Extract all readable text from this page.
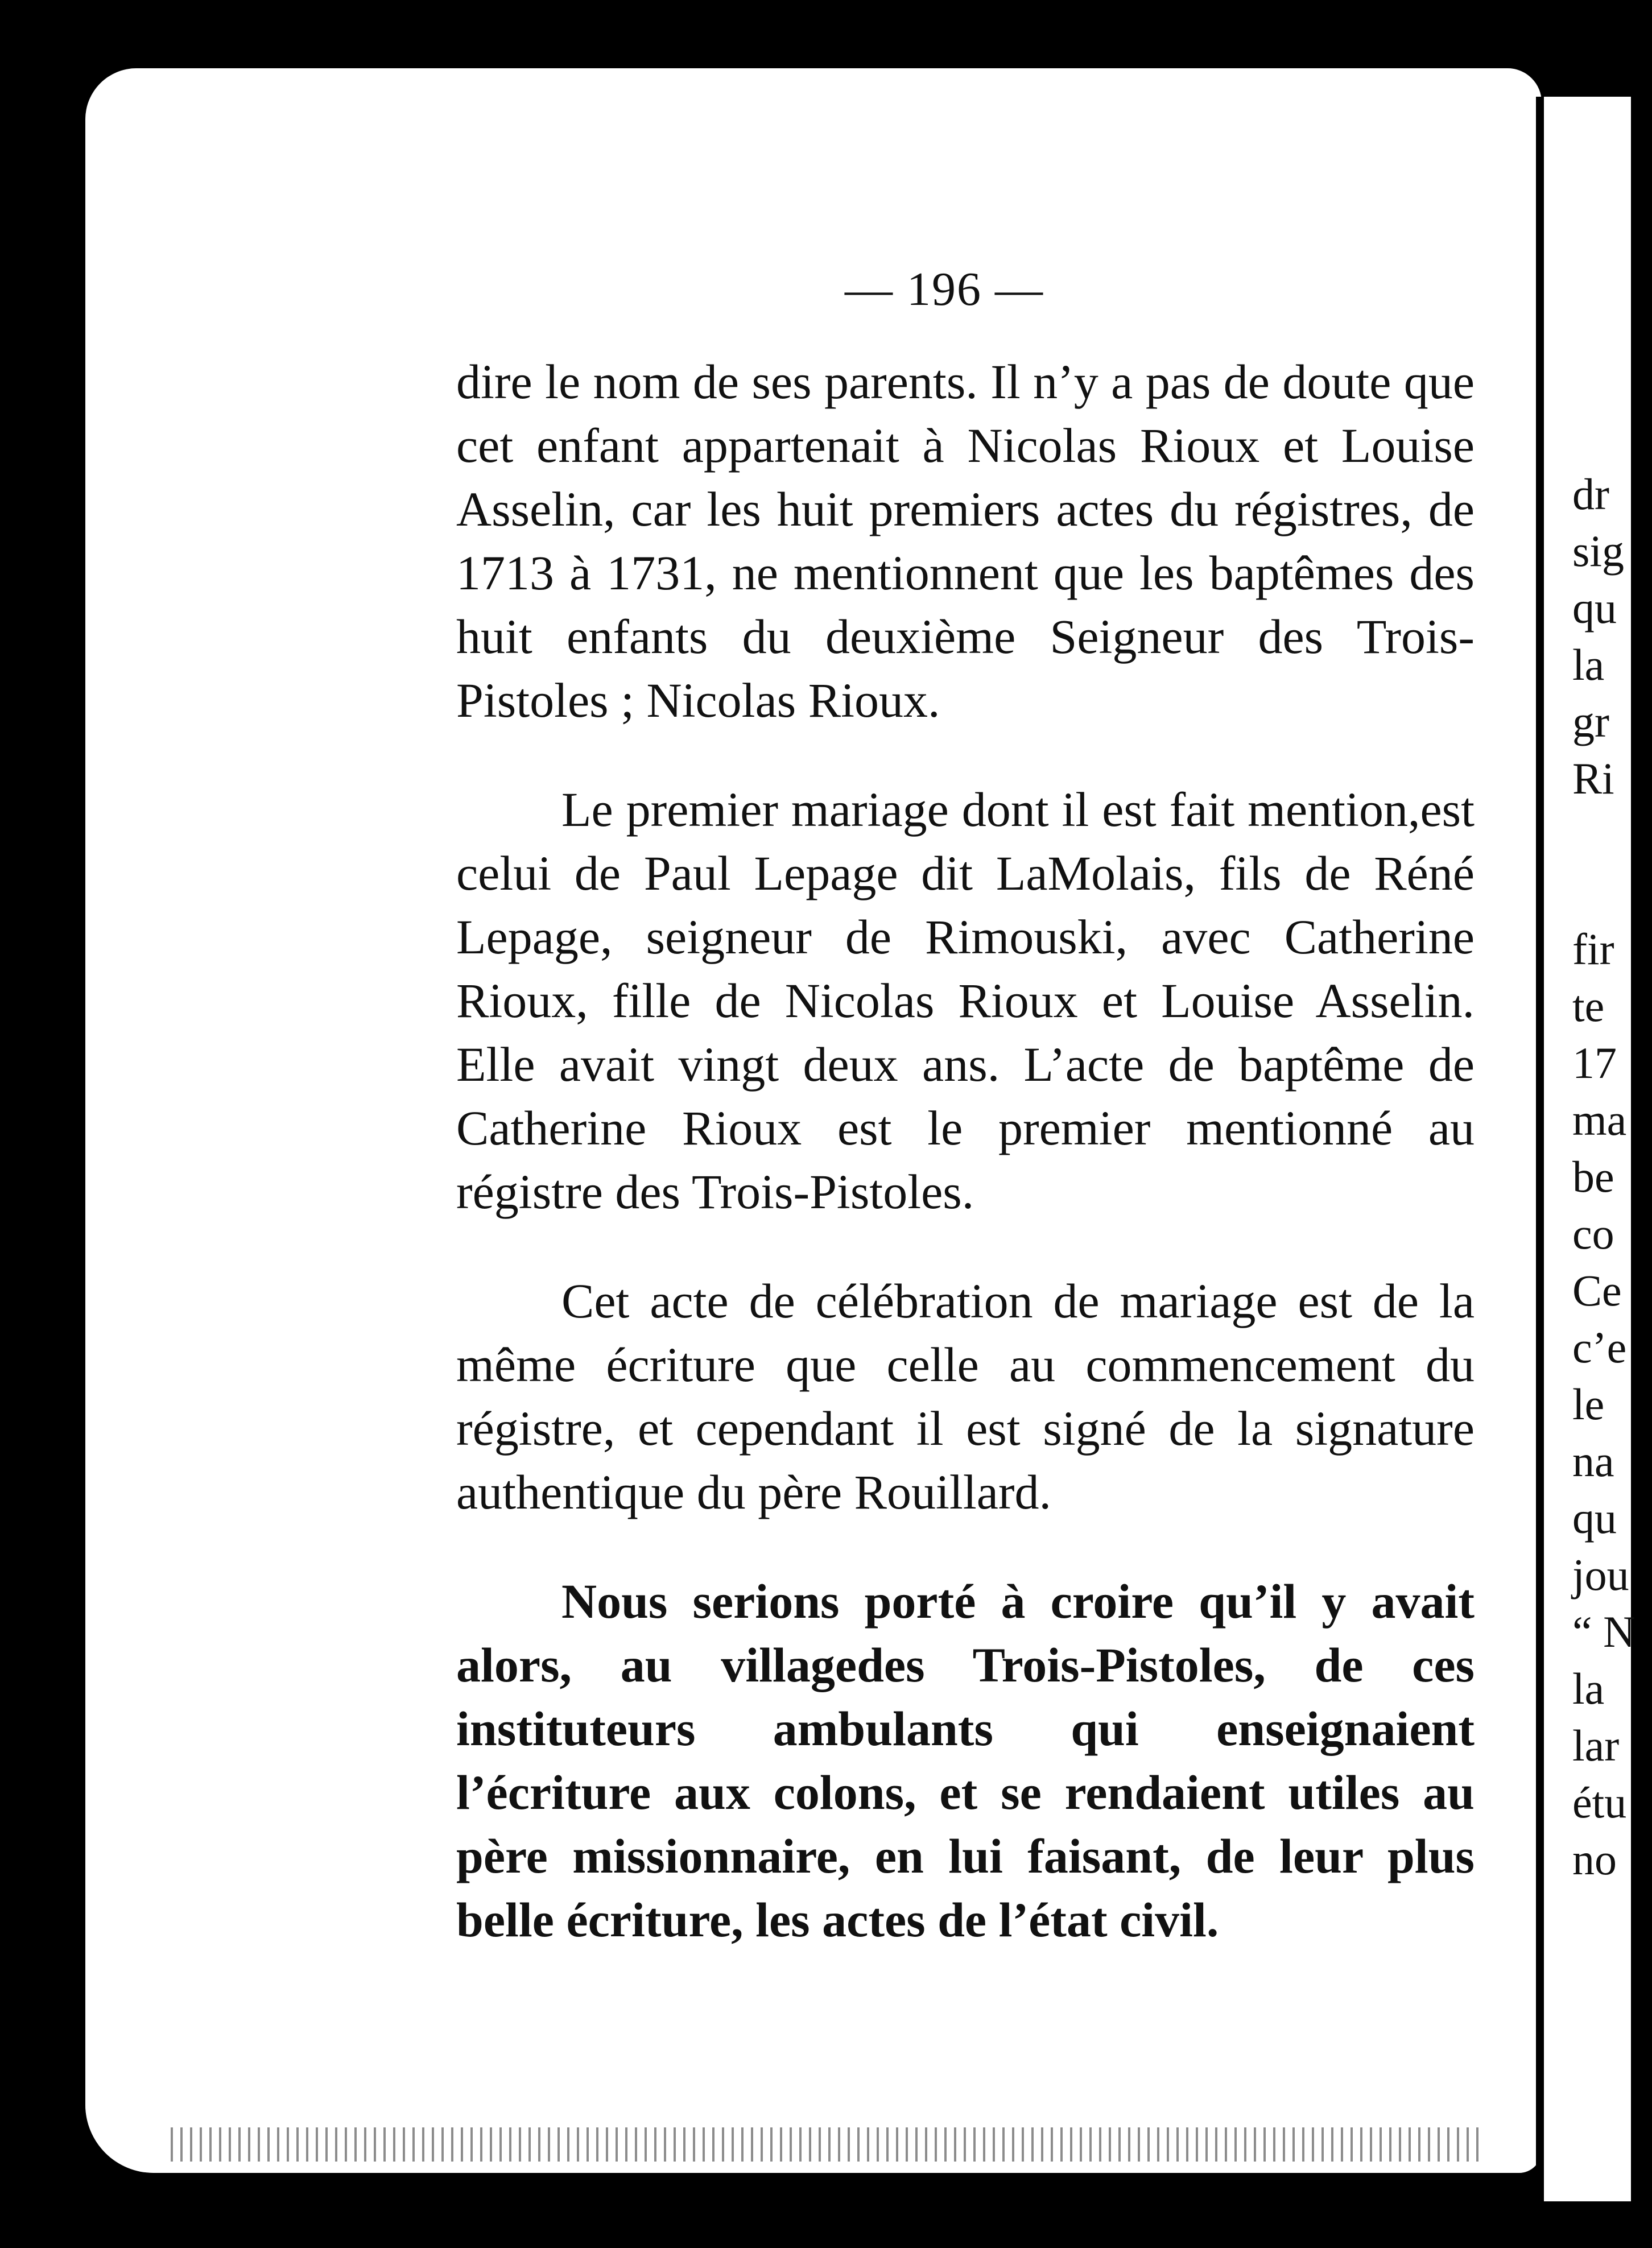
— 196 —

dire le nom de ses parents. Il n’y a pas de doute que cet enfant appartenait à Nicolas Rioux et Louise Asselin, car les huit premiers actes du régistres, de 1713 à 1731, ne mentionnent que les baptêmes des huit enfants du deuxième Seigneur des Trois-Pistoles ; Nicolas Rioux.

Le premier mariage dont il est fait mention,est celui de Paul Lepage dit LaMolais, fils de Réné Lepage, seigneur de Rimouski, avec Catherine Rioux, fille de Nicolas Rioux et Louise Asselin. Elle avait vingt deux ans. L’acte de baptême de Catherine Rioux est le premier mentionné au régistre des Trois-Pistoles.

Cet acte de célébration de mariage est de la même écriture que celle au commencement du régistre, et cependant il est signé de la signature authentique du père Rouillard.

Nous serions porté à croire qu’il y avait alors, au villagedes Trois-Pistoles, de ces instituteurs ambulants qui enseignaient l’écriture aux colons, et se rendaient utiles au père missionnaire, en lui faisant, de leur plus belle écriture, les actes de l’état civil.

dr
sig
qu
la
gr
Ri
fir
te
17
ma
be
co
Ce
c’e
le
na
qu
jou
“ N
la
lar
étu
no
